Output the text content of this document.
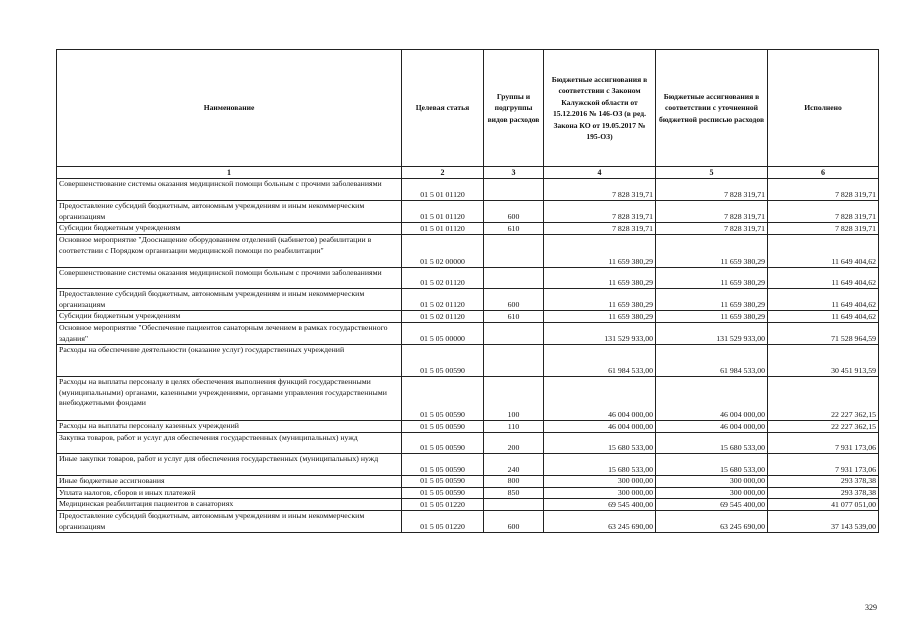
Наименование	Целевая статья	Группы и подгруппы видов расходов	Бюджетные ассигнования в соответствии с Законом Калужской области от 15.12.2016 № 146-ОЗ (в ред. Закона КО от 19.05.2017 № 195-ОЗ)	Бюджетные ассигнования в соответствии с уточненной бюджетной росписью расходов	Исполнено
1	2	3	4	5	6
Совершенствование системы оказания медицинской помощи больным с прочими заболеваниями	01 5 01 01120		7 828 319,71	7 828 319,71	7 828 319,71
Предоставление субсидий бюджетным, автономным учреждениям и иным некоммерческим организациям	01 5 01 01120	600	7 828 319,71	7 828 319,71	7 828 319,71
Субсидии бюджетным учреждениям	01 5 01 01120	610	7 828 319,71	7 828 319,71	7 828 319,71
Основное мероприятие "Дооснащение оборудованием отделений (кабинетов) реабилитации в соответствии с Порядком организации медицинской помощи по реабилитации"	01 5 02 00000		11 659 380,29	11 659 380,29	11 649 404,62
Совершенствование системы оказания медицинской помощи больным с прочими заболеваниями	01 5 02 01120		11 659 380,29	11 659 380,29	11 649 404,62
Предоставление субсидий бюджетным, автономным учреждениям и иным некоммерческим организациям	01 5 02 01120	600	11 659 380,29	11 659 380,29	11 649 404,62
Субсидии бюджетным учреждениям	01 5 02 01120	610	11 659 380,29	11 659 380,29	11 649 404,62
Основное мероприятие "Обеспечение пациентов санаторным лечением в рамках государственного задания"	01 5 05 00000		131 529 933,00	131 529 933,00	71 528 964,59
Расходы на обеспечение деятельности (оказание услуг) государственных учреждений	01 5 05 00590		61 984 533,00	61 984 533,00	30 451 913,59
Расходы на выплаты персоналу в целях обеспечения выполнения функций государственными (муниципальными) органами, казенными учреждениями, органами управления государственными внебюджетными фондами	01 5 05 00590	100	46 004 000,00	46 004 000,00	22 227 362,15
Расходы на выплаты персоналу казенных учреждений	01 5 05 00590	110	46 004 000,00	46 004 000,00	22 227 362,15
Закупка товаров, работ и услуг для обеспечения государственных (муниципальных) нужд	01 5 05 00590	200	15 680 533,00	15 680 533,00	7 931 173,06
Иные закупки товаров, работ и услуг для обеспечения государственных (муниципальных) нужд	01 5 05 00590	240	15 680 533,00	15 680 533,00	7 931 173,06
Иные бюджетные ассигнования	01 5 05 00590	800	300 000,00	300 000,00	293 378,38
Уплата налогов, сборов и иных платежей	01 5 05 00590	850	300 000,00	300 000,00	293 378,38
Медицинская реабилитация пациентов в санаториях	01 5 05 01220		69 545 400,00	69 545 400,00	41 077 051,00
Предоставление субсидий бюджетным, автономным учреждениям и иным некоммерческим организациям	01 5 05 01220	600	63 245 690,00	63 245 690,00	37 143 539,00
329
